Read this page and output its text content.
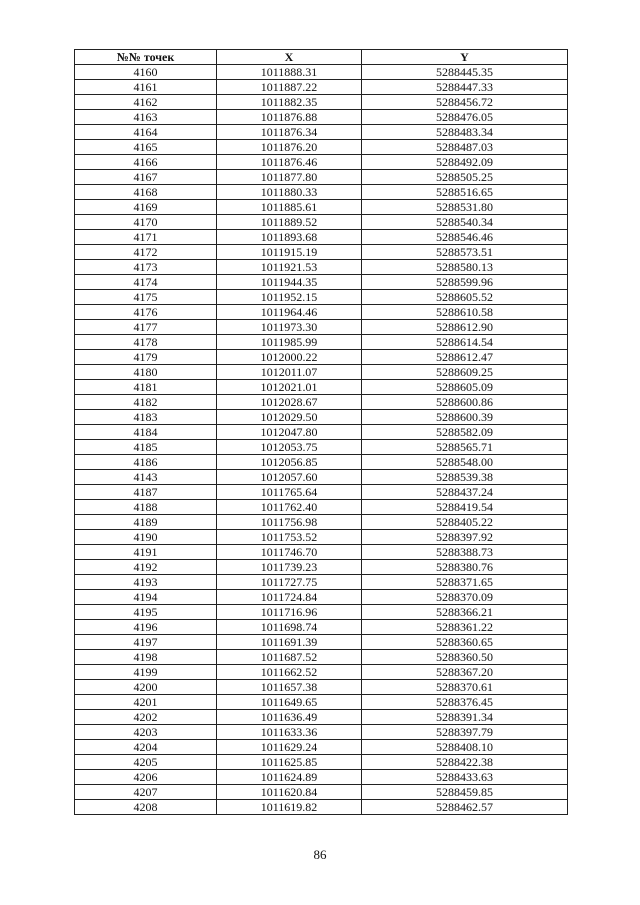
№№ точек	X	Y
4160	1011888.31	5288445.35
4161	1011887.22	5288447.33
4162	1011882.35	5288456.72
4163	1011876.88	5288476.05
4164	1011876.34	5288483.34
4165	1011876.20	5288487.03
4166	1011876.46	5288492.09
4167	1011877.80	5288505.25
4168	1011880.33	5288516.65
4169	1011885.61	5288531.80
4170	1011889.52	5288540.34
4171	1011893.68	5288546.46
4172	1011915.19	5288573.51
4173	1011921.53	5288580.13
4174	1011944.35	5288599.96
4175	1011952.15	5288605.52
4176	1011964.46	5288610.58
4177	1011973.30	5288612.90
4178	1011985.99	5288614.54
4179	1012000.22	5288612.47
4180	1012011.07	5288609.25
4181	1012021.01	5288605.09
4182	1012028.67	5288600.86
4183	1012029.50	5288600.39
4184	1012047.80	5288582.09
4185	1012053.75	5288565.71
4186	1012056.85	5288548.00
4143	1012057.60	5288539.38
4187	1011765.64	5288437.24
4188	1011762.40	5288419.54
4189	1011756.98	5288405.22
4190	1011753.52	5288397.92
4191	1011746.70	5288388.73
4192	1011739.23	5288380.76
4193	1011727.75	5288371.65
4194	1011724.84	5288370.09
4195	1011716.96	5288366.21
4196	1011698.74	5288361.22
4197	1011691.39	5288360.65
4198	1011687.52	5288360.50
4199	1011662.52	5288367.20
4200	1011657.38	5288370.61
4201	1011649.65	5288376.45
4202	1011636.49	5288391.34
4203	1011633.36	5288397.79
4204	1011629.24	5288408.10
4205	1011625.85	5288422.38
4206	1011624.89	5288433.63
4207	1011620.84	5288459.85
4208	1011619.82	5288462.57
86
